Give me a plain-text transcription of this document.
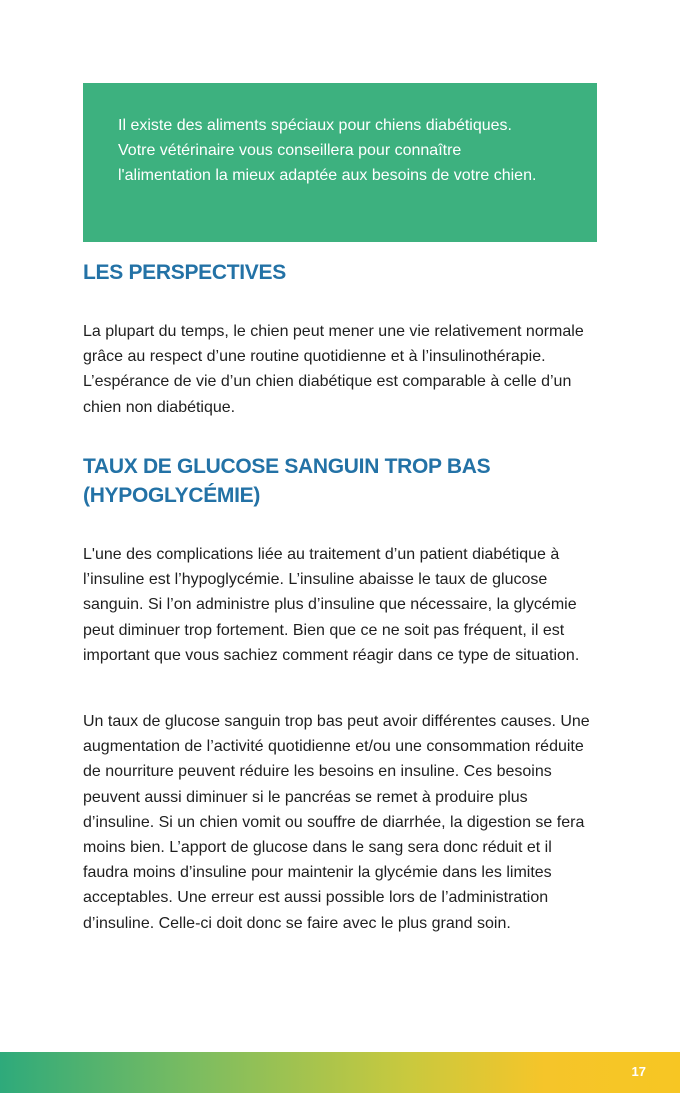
Il existe des aliments spéciaux pour chiens diabétiques. Votre vétérinaire vous conseillera pour connaître l'alimentation la mieux adaptée aux besoins de votre chien.

LES PERSPECTIVES

La plupart du temps, le chien peut mener une vie relativement normale grâce au respect d’une routine quotidienne et à l’insulinothérapie. L’espérance de vie d’un chien diabétique est comparable à celle d’un chien non diabétique.

TAUX DE GLUCOSE SANGUIN TROP BAS (HYPOGLYCÉMIE)

L'une des complications liée au traitement d’un patient diabétique à l’insuline est l’hypoglycémie. L’insuline abaisse le taux de glucose sanguin. Si l’on administre plus d’insuline que nécessaire, la glycémie peut diminuer trop fortement. Bien que ce ne soit pas fréquent, il est important que vous sachiez comment réagir dans ce type de situation.

Un taux de glucose sanguin trop bas peut avoir différentes causes. Une augmentation de l’activité quotidienne et/ou une consommation réduite de nourriture peuvent réduire les besoins en insuline. Ces besoins peuvent aussi diminuer si le pancréas se remet à produire plus d’insuline. Si un chien vomit ou souffre de diarrhée, la digestion se fera moins bien. L’apport de glucose dans le sang sera donc réduit et il faudra moins d’insuline pour maintenir la glycémie dans les limites acceptables. Une erreur est aussi possible lors de l’administration d’insuline. Celle-ci doit donc se faire avec le plus grand soin.

17
